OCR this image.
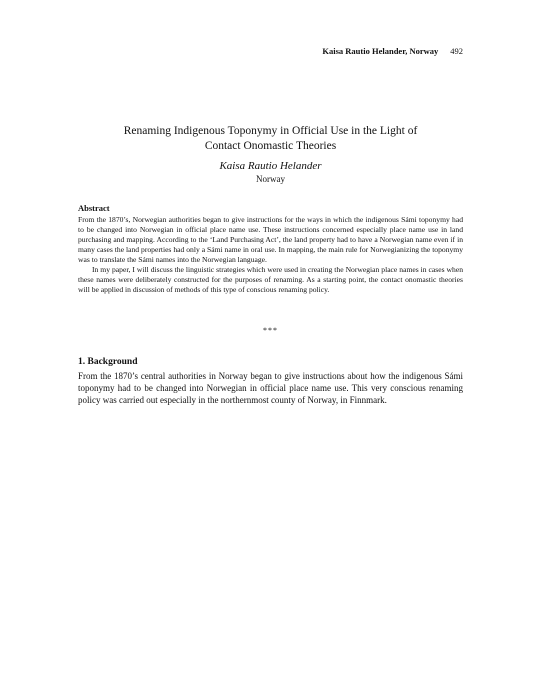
Kaisa Rautio Helander, Norway 492
Renaming Indigenous Toponymy in Official Use in the Light of
Contact Onomastic Theories
Kaisa Rautio Helander
Norway
Abstract

From the 1870’s, Norwegian authorities began to give instructions for the ways in which the indigenous Sámi toponymy had to be changed into Norwegian in official place name use. These instructions concerned especially place name use in land purchasing and mapping. According to the ‘Land Purchasing Act’, the land property had to have a Norwegian name even if in many cases the land properties had only a Sámi name in oral use. In mapping, the main rule for Norwegianizing the toponymy was to translate the Sámi names into the Norwegian language.

In my paper, I will discuss the linguistic strategies which were used in creating the Norwegian place names in cases when these names were deliberately constructed for the purposes of renaming. As a starting point, the contact onomastic theories will be applied in discussion of methods of this type of conscious renaming policy.

***
1. Background

From the 1870’s central authorities in Norway began to give instructions about how the indigenous Sámi toponymy had to be changed into Norwegian in official place name use. This very conscious renaming policy was carried out especially in the northernmost county of Norway, in Finnmark.
